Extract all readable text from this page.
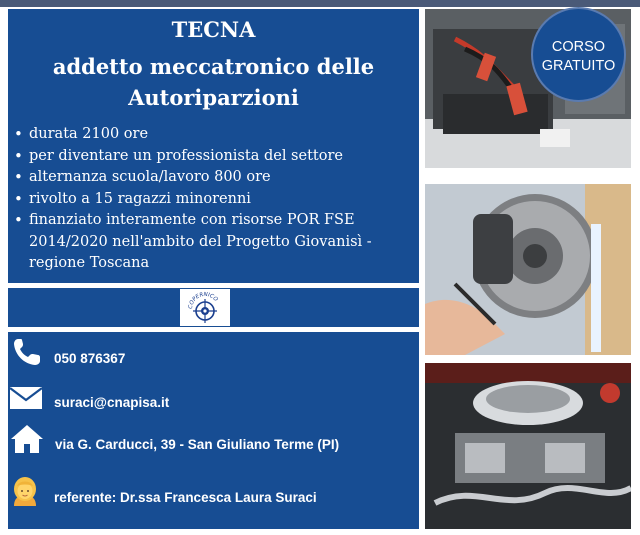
TECNA
addetto meccatronico delle
Autoriparzioni
• durata 2100 ore
• per diventare un professionista del settore
• alternanza scuola/lavoro 800 ore
• rivolto a 15 ragazzi minorenni
• finanziato interamente con risorse POR FSE 2014/2020 nell'ambito del Progetto Giovanisì - regione Toscana
COPERNICO
050 876367
suraci@cnapisa.it
via G. Carducci, 39 - San Giuliano Terme (PI)
referente: Dr.ssa Francesca Laura Suraci
CORSO
GRATUITO
